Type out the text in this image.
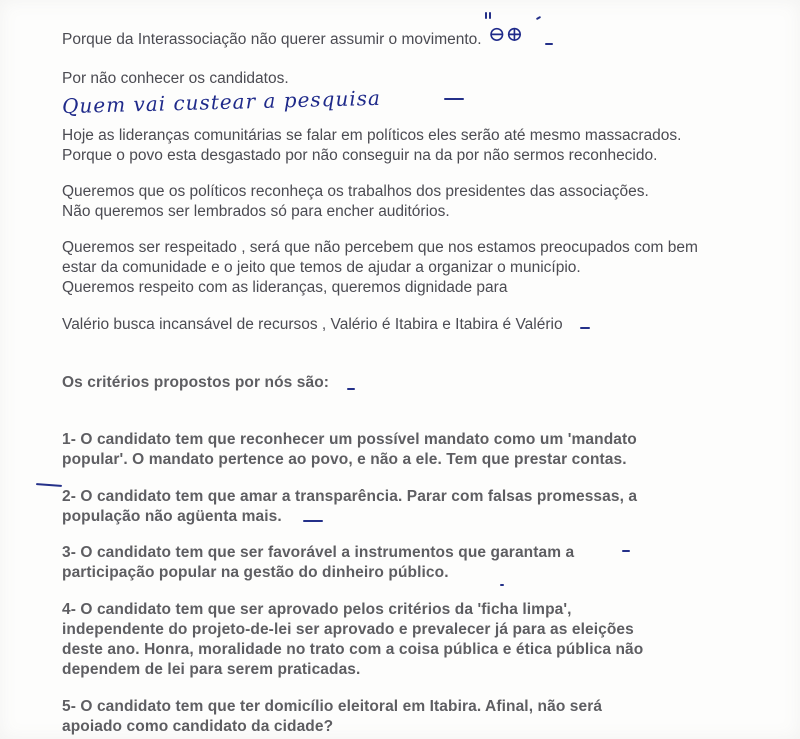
Porque da Interassociação não querer assumir o movimento. ⊖⊕
Por não conhecer os candidatos.
Quem vai custear a pesquisa
Hoje as lideranças comunitárias se falar em políticos eles serão até mesmo massacrados.
Porque o povo esta desgastado por não conseguir na da por não sermos reconhecido.
Queremos que os políticos reconheça os trabalhos dos presidentes das associações.
Não queremos ser lembrados só para encher auditórios.
Queremos ser respeitado , será que não percebem que nos estamos preocupados com bem
estar da comunidade e o jeito que temos de ajudar a organizar o município.
Queremos respeito com as lideranças, queremos dignidade para
Valério busca incansável de recursos , Valério é Itabira e Itabira é Valério
Os critérios propostos por nós são:
1- O candidato tem que reconhecer um possível mandato como um 'mandato
popular'. O mandato pertence ao povo, e não a ele. Tem que prestar contas.
2- O candidato tem que amar a transparência. Parar com falsas promessas, a
população não agüenta mais.
3- O candidato tem que ser favorável a instrumentos que garantam a
participação popular na gestão do dinheiro público.
4- O candidato tem que ser aprovado pelos critérios da 'ficha limpa',
independente do projeto-de-lei ser aprovado e prevalecer já para as eleições
deste ano. Honra, moralidade no trato com a coisa pública e ética pública não
dependem de lei para serem praticadas.
5- O candidato tem que ter domicílio eleitoral em Itabira. Afinal, não será
apoiado como candidato da cidade?
